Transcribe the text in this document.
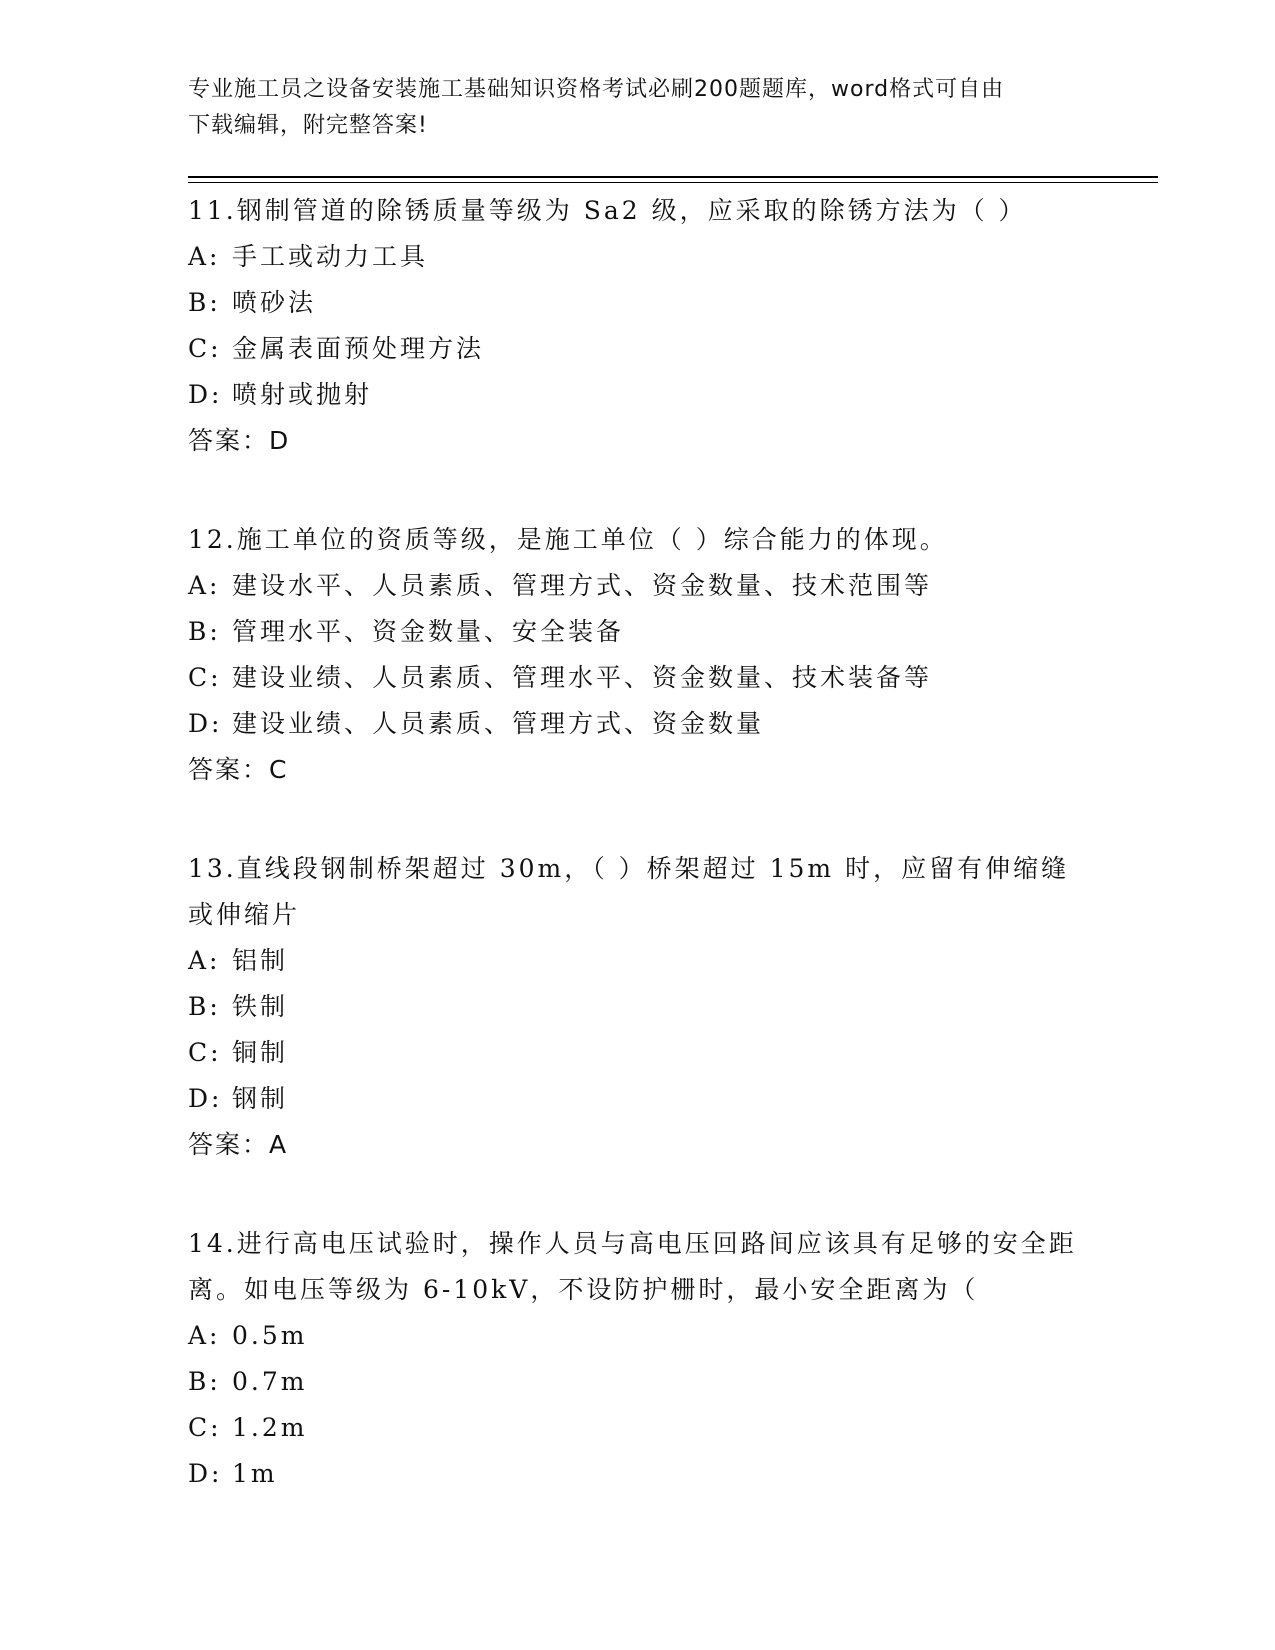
专业施工员之设备安装施工基础知识资格考试必刷200题题库，word格式可自由
下载编辑，附完整答案!
11.钢制管道的除锈质量等级为 Sa2 级，应采取的除锈方法为（ ）
A: 手工或动力工具
B: 喷砂法
C: 金属表面预处理方法
D: 喷射或抛射
答案：D
12.施工单位的资质等级，是施工单位（ ）综合能力的体现。
A: 建设水平、人员素质、管理方式、资金数量、技术范围等
B: 管理水平、资金数量、安全装备
C: 建设业绩、人员素质、管理水平、资金数量、技术装备等
D: 建设业绩、人员素质、管理方式、资金数量
答案：C
13.直线段钢制桥架超过 30m，（ ）桥架超过 15m 时，应留有伸缩缝或伸缩片
A: 铝制
B: 铁制
C: 铜制
D: 钢制
答案：A
14.进行高电压试验时，操作人员与高电压回路间应该具有足够的安全距离。如电压等级为 6-10kV，不设防护栅时，最小安全距离为（
A: 0.5m
B: 0.7m
C: 1.2m
D: 1m
